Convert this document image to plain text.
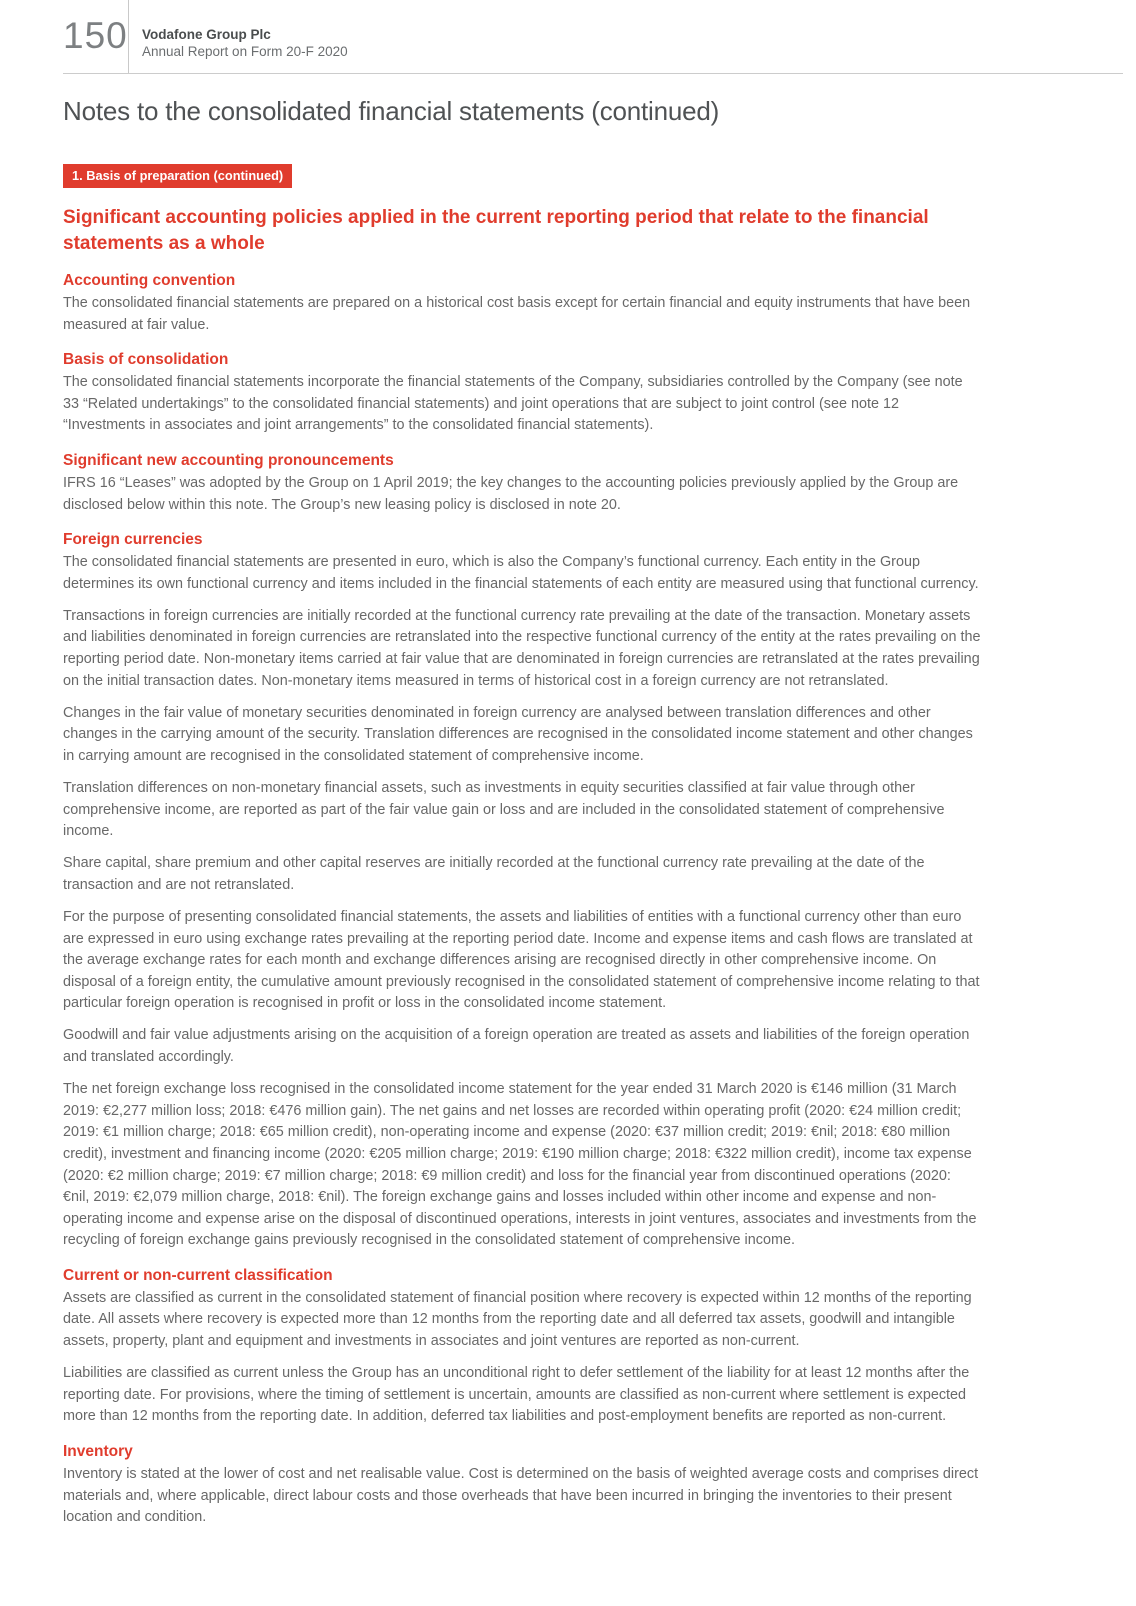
150 Vodafone Group Plc
Annual Report on Form 20-F 2020
Notes to the consolidated financial statements (continued)
1. Basis of preparation (continued)
Significant accounting policies applied in the current reporting period that relate to the financial statements as a whole
Accounting convention

The consolidated financial statements are prepared on a historical cost basis except for certain financial and equity instruments that have been measured at fair value.

Basis of consolidation

The consolidated financial statements incorporate the financial statements of the Company, subsidiaries controlled by the Company (see note 33 “Related undertakings” to the consolidated financial statements) and joint operations that are subject to joint control (see note 12 “Investments in associates and joint arrangements” to the consolidated financial statements).

Significant new accounting pronouncements

IFRS 16 “Leases” was adopted by the Group on 1 April 2019; the key changes to the accounting policies previously applied by the Group are disclosed below within this note. The Group’s new leasing policy is disclosed in note 20.

Foreign currencies

The consolidated financial statements are presented in euro, which is also the Company’s functional currency. Each entity in the Group determines its own functional currency and items included in the financial statements of each entity are measured using that functional currency.

Transactions in foreign currencies are initially recorded at the functional currency rate prevailing at the date of the transaction. Monetary assets and liabilities denominated in foreign currencies are retranslated into the respective functional currency of the entity at the rates prevailing on the reporting period date. Non-monetary items carried at fair value that are denominated in foreign currencies are retranslated at the rates prevailing on the initial transaction dates. Non-monetary items measured in terms of historical cost in a foreign currency are not retranslated.

Changes in the fair value of monetary securities denominated in foreign currency are analysed between translation differences and other changes in the carrying amount of the security. Translation differences are recognised in the consolidated income statement and other changes in carrying amount are recognised in the consolidated statement of comprehensive income.

Translation differences on non-monetary financial assets, such as investments in equity securities classified at fair value through other comprehensive income, are reported as part of the fair value gain or loss and are included in the consolidated statement of comprehensive income.

Share capital, share premium and other capital reserves are initially recorded at the functional currency rate prevailing at the date of the transaction and are not retranslated.

For the purpose of presenting consolidated financial statements, the assets and liabilities of entities with a functional currency other than euro are expressed in euro using exchange rates prevailing at the reporting period date. Income and expense items and cash flows are translated at the average exchange rates for each month and exchange differences arising are recognised directly in other comprehensive income. On disposal of a foreign entity, the cumulative amount previously recognised in the consolidated statement of comprehensive income relating to that particular foreign operation is recognised in profit or loss in the consolidated income statement.

Goodwill and fair value adjustments arising on the acquisition of a foreign operation are treated as assets and liabilities of the foreign operation and translated accordingly.

The net foreign exchange loss recognised in the consolidated income statement for the year ended 31 March 2020 is €146 million (31 March 2019: €2,277 million loss; 2018: €476 million gain). The net gains and net losses are recorded within operating profit (2020: €24 million credit; 2019: €1 million charge; 2018: €65 million credit), non-operating income and expense (2020: €37 million credit; 2019: €nil; 2018: €80 million credit), investment and financing income (2020: €205 million charge; 2019: €190 million charge; 2018: €322 million credit), income tax expense (2020: €2 million charge; 2019: €7 million charge; 2018: €9 million credit) and loss for the financial year from discontinued operations (2020: €nil, 2019: €2,079 million charge, 2018: €nil). The foreign exchange gains and losses included within other income and expense and non-operating income and expense arise on the disposal of discontinued operations, interests in joint ventures, associates and investments from the recycling of foreign exchange gains previously recognised in the consolidated statement of comprehensive income.

Current or non-current classification

Assets are classified as current in the consolidated statement of financial position where recovery is expected within 12 months of the reporting date. All assets where recovery is expected more than 12 months from the reporting date and all deferred tax assets, goodwill and intangible assets, property, plant and equipment and investments in associates and joint ventures are reported as non-current.

Liabilities are classified as current unless the Group has an unconditional right to defer settlement of the liability for at least 12 months after the reporting date. For provisions, where the timing of settlement is uncertain, amounts are classified as non-current where settlement is expected more than 12 months from the reporting date. In addition, deferred tax liabilities and post-employment benefits are reported as non-current.

Inventory

Inventory is stated at the lower of cost and net realisable value. Cost is determined on the basis of weighted average costs and comprises direct materials and, where applicable, direct labour costs and those overheads that have been incurred in bringing the inventories to their present location and condition.
